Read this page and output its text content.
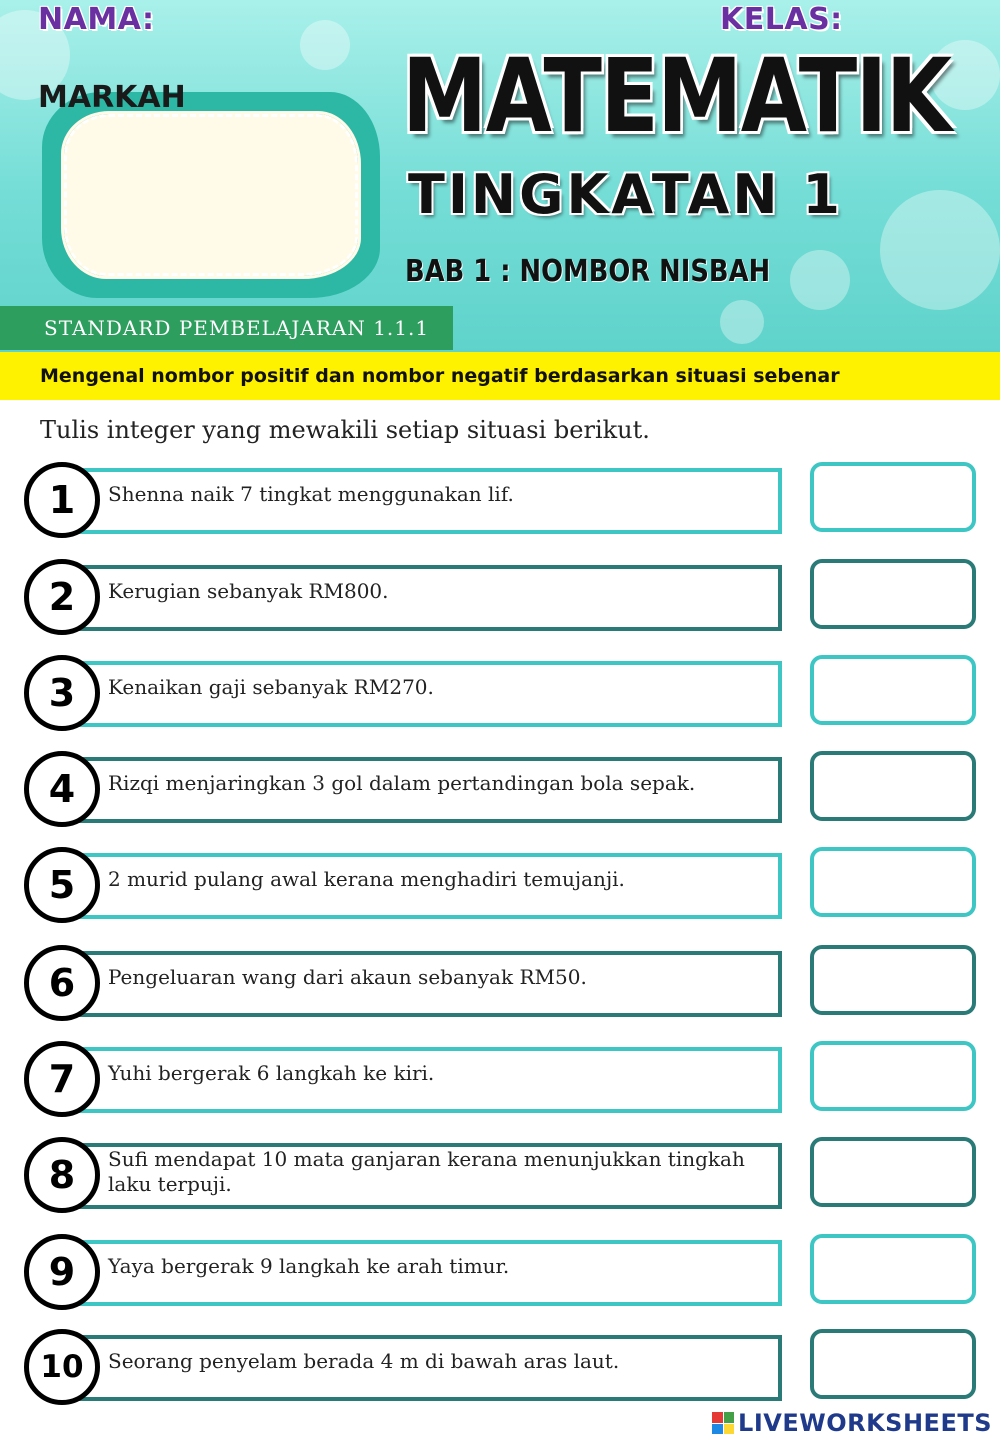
NAMA:	KELAS:
MARKAH MATEMATIK
TINGKATAN 1
BAB 1 : NOMBOR NISBAH
STANDARD PEMBELAJARAN 1.1.1
Mengenal nombor positif dan nombor negatif berdasarkan situasi sebenar
Tulis integer yang mewakili setiap situasi berikut.
1	Shenna naik 7 tingkat menggunakan lif.
2	Kerugian sebanyak RM800.
3	Kenaikan gaji sebanyak RM270.
4	Rizqi menjaringkan 3 gol dalam pertandingan bola sepak.
5	2 murid pulang awal kerana menghadiri temujanji.
6	Pengeluaran wang dari akaun sebanyak RM50.
7	Yuhi bergerak 6 langkah ke kiri.
8	Sufi mendapat 10 mata ganjaran kerana menunjukkan tingkah laku terpuji.
9	Yaya bergerak 9 langkah ke arah timur.
10	Seorang penyelam berada 4 m di bawah aras laut.
LIVEWORKSHEETS
